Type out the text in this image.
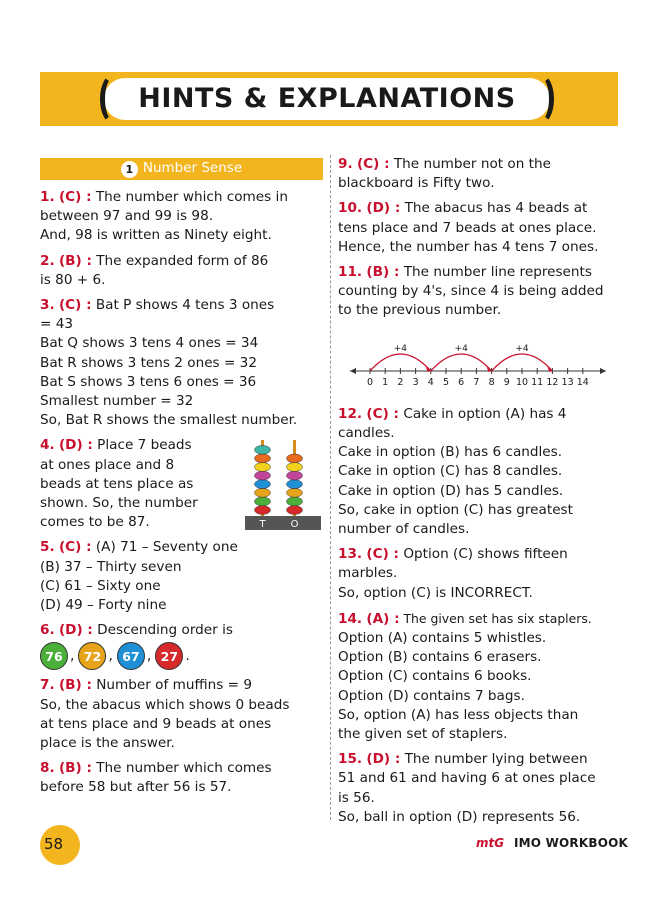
HINTS & EXPLANATIONS
1 Number Sense
1. (C) : The number which comes in
between 97 and 99 is 98.
And, 98 is written as Ninety eight.
2. (B) : The expanded form of 86
is 80 + 6.
3. (C) : Bat P shows 4 tens 3 ones
= 43
Bat Q shows 3 tens 4 ones = 34
Bat R shows 3 tens 2 ones = 32
Bat S shows 3 tens 6 ones = 36
Smallest number = 32
So, Bat R shows the smallest number.
4. (D) : Place 7 beads
at ones place and 8
beads at tens place as
shown. So, the number
comes to be 87.	T	O
5. (C) : (A) 71 – Seventy one
(B) 37 – Thirty seven
(C) 61 – Sixty one
(D) 49 – Forty nine
6. (D) : Descending order is
76 , 72 , 67 , 27 .
7. (B) : Number of muffins = 9
So, the abacus which shows 0 beads
at tens place and 9 beads at ones
place is the answer.
8. (B) : The number which comes
before 58 but after 56 is 57.
9. (C) : The number not on the
blackboard is Fifty two.
10. (D) : The abacus has 4 beads at
tens place and 7 beads at ones place.
Hence, the number has 4 tens 7 ones.
11. (B) : The number line represents
counting by 4's, since 4 is being added
to the previous number.
0 1 2 3 4 5 6 7 8 9 10 11 12 13 14
+4	+4	+4
12. (C) : Cake in option (A) has 4
candles.
Cake in option (B) has 6 candles.
Cake in option (C) has 8 candles.
Cake in option (D) has 5 candles.
So, cake in option (C) has greatest
number of candles.
13. (C) : Option (C) shows fifteen
marbles.
So, option (C) is INCORRECT.
14. (A) : The given set has six staplers.
Option (A) contains 5 whistles.
Option (B) contains 6 erasers.
Option (C) contains 6 books.
Option (D) contains 7 bags.
So, option (A) has less objects than
the given set of staplers.
15. (D) : The number lying between
51 and 61 and having 6 at ones place
is 56.
So, ball in option (D) represents 56.
58	mtG IMO WORKBOOK
